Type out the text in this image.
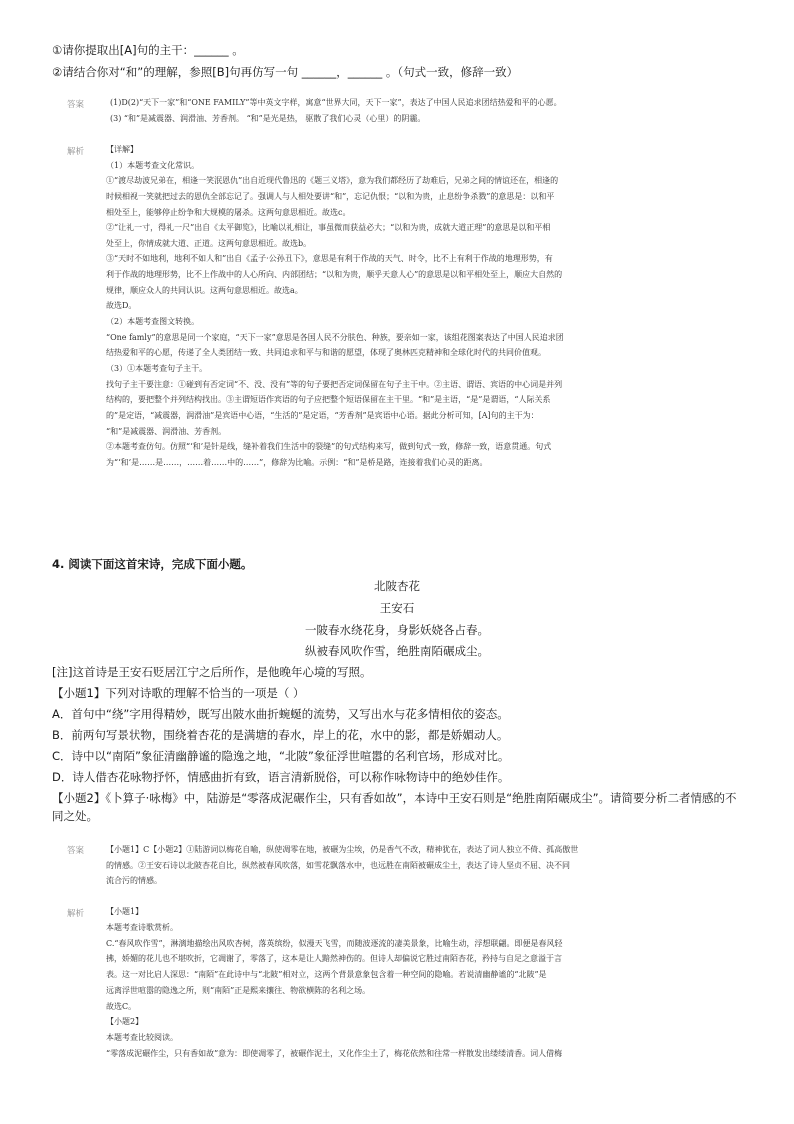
①请你提取出[A]句的主干：______ 。
②请结合你对“和”的理解，参照[B]句再仿写一句 ______，______ 。（句式一致，修辞一致）
答案	(1)D(2)“天下一家”和“ONE FAMILY”等中英文字样，寓意“世界大同，天下一家”，表达了中国人民追求团结热爱和平的心愿。
(3) “和”是减震器、润滑油、芳香剂。 “和”是光是热， 驱散了我们心灵（心里）的阴霾。
解析	【详解】
（1）本题考查文化常识。
①“渡尽劫波兄弟在，相逢一笑泯恩仇”出自近现代鲁迅的《题三义塔》，意为我们都经历了劫难后，兄弟之间的情谊还在，相逢的
时候相视一笑就把过去的恩仇全部忘记了。强调人与人相处要讲“和”，忘记仇恨；“以和为贵，止息纷争杀戮”的意思是：以和平
相处至上，能够停止纷争和大规模的屠杀。这两句意思相近。故选c。
②“让礼一寸，得礼一尺”出自《太平御览》，比喻以礼相让，事虽微而获益必大；“以和为贵，成就大道正理”的意思是以和平相
处至上，你情成就大道、正道。这两句意思相近。故选b。
③“天时不如地利，地利不如人和”出自《孟子·公孙丑下》，意思是有利于作战的天气、时令，比不上有利于作战的地理形势，有
利于作战的地理形势，比不上作战中的人心所向、内部团结；“以和为贵，顺乎天意人心”的意思是以和平相处至上，顺应大自然的
规律，顺应众人的共同认识。这两句意思相近。故选a。
故选D。
（2）本题考查图文转换。
“One famly”的意思是同一个家庭，“天下一家”意思是各国人民不分肤色、种族，要亲如一家，该组花图案表达了中国人民追求团
结热爱和平的心愿，传递了全人类团结一致、共同追求和平与和谐的愿望，体现了奥林匹克精神和全球化时代的共同价值观。
（3）①本题考查句子主干。
找句子主干要注意：①碰到有否定词“不、没、没有”等的句子要把否定词保留在句子主干中。②主语、谓语、宾语的中心词是并列
结构的，要把整个并列结构找出。③主谓短语作宾语的句子应把整个短语保留在主干里。“和”是主语，“是”是谓语，“人际关系
的”是定语，“减震器，润滑油”是宾语中心语，“生活的”是定语，“芳香剂”是宾语中心语。据此分析可知，[A]句的主干为：
“和”是减震器、润滑油、芳香剂。
②本题考查仿句。仿照“‘和’是针是线，缝补着我们生活中的裂缝”的句式结构来写，做到句式一致，修辞一致，语意贯通。句式
为“‘和’是……是……，……着……中的……”，修辞为比喻。示例：“和”是桥是路，连接着我们心灵的距离。
4. 阅读下面这首宋诗，完成下面小题。
北陂杏花
王安石
一陂春水绕花身，身影妖娆各占春。
纵被春风吹作雪，绝胜南陌碾成尘。
[注]这首诗是王安石贬居江宁之后所作，是他晚年心境的写照。
【小题1】下列对诗歌的理解不恰当的一项是（ ）
A．首句中“绕”字用得精妙，既写出陂水曲折蜿蜒的流势，又写出水与花多情相依的姿态。
B．前两句写景状物，围绕着杏花的是满塘的春水，岸上的花，水中的影，都是娇媚动人。
C．诗中以“南陌”象征清幽静谧的隐逸之地，“北陂”象征浮世喧嚣的名利官场，形成对比。
D．诗人借杏花咏物抒怀，情感曲折有致，语言清新脱俗，可以称作咏物诗中的绝妙佳作。
【小题2】《卜算子·咏梅》中，陆游是“零落成泥碾作尘，只有香如故”，本诗中王安石则是“绝胜南陌碾成尘”。请简要分析二者情感的不
同之处。
答案	【小题1】C【小题2】①陆游词以梅花自喻，纵使凋零在地，被碾为尘埃，仍是香气不改，精神犹在，表达了词人独立不倚、孤高傲世
的情感。②王安石诗以北陂杏花自比，纵然被春风吹落，如雪花飘落水中，也远胜在南陌被碾成尘土，表达了诗人坚贞不屈、决不同
流合污的情感。
解析	【小题1】
本题考查诗歌赏析。
C.“春风吹作雪”，淋漓地描绘出风吹杏树，落英缤纷，似漫天飞雪，而随波逐流的凄美景象，比喻生动，浮想联翩。即便是春风轻
拂，娇媚的花儿也不堪吹折，它凋谢了，零落了，这本是让人黯然神伤的。但诗人却偏说它胜过南陌杏花，矜持与自足之意溢于言
表。这一对比启人深思：“南陌”在此诗中与“北陂”相对立，这两个背景意象包含着一种空间的隐喻。若说清幽静谧的“北陂”是
远离浮世喧嚣的隐逸之所，则“南陌”正是熙来攘往、物欲横陈的名利之场。
故选C。
【小题2】
本题考查比较阅读。
“零落成泥碾作尘，只有香如故”意为：即使凋零了，被碾作泥土，又化作尘土了，梅花依然和往常一样散发出缕缕清香。词人借梅
